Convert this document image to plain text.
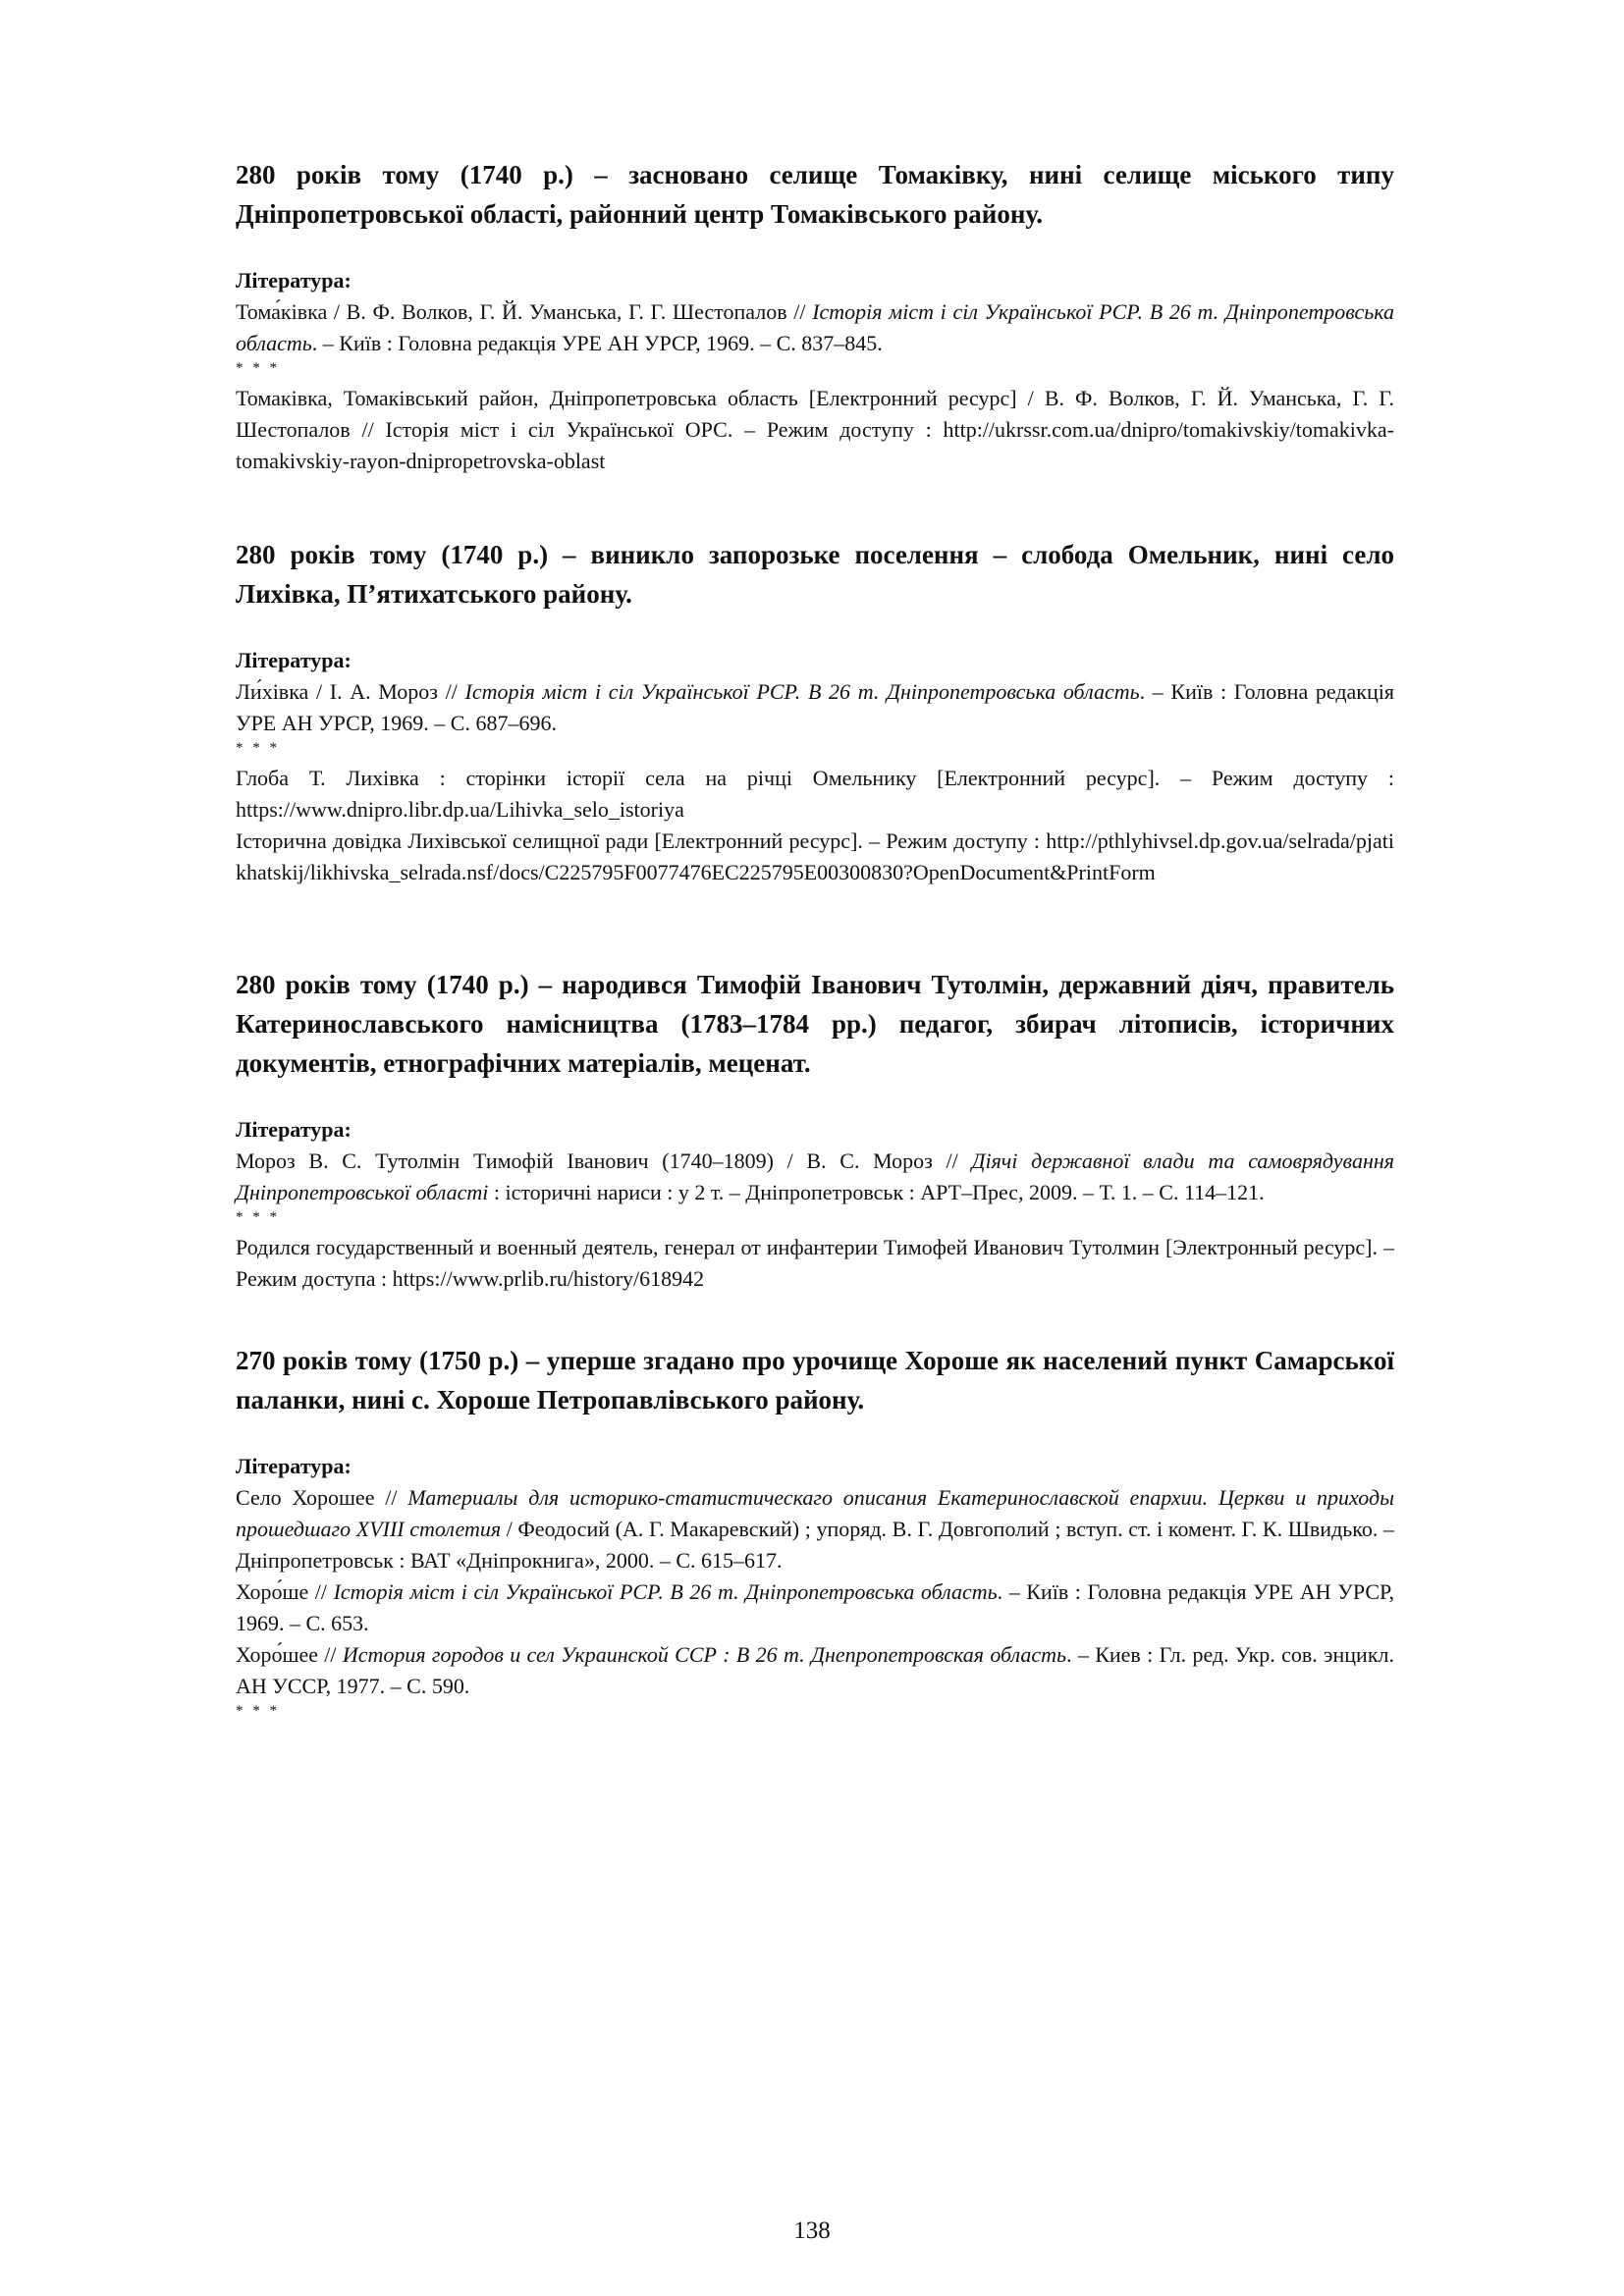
280 років тому (1740 р.) – засновано селище Томаківку, нині селище міського типу Дніпропетровської області, районний центр Томаківського району.

Література:

Тома́ківка / В. Ф. Волков, Г. Й. Уманська, Г. Г. Шестопалов // Історія міст і сіл Української РСР. В 26 т. Дніпропетровська область. – Київ : Головна редакція УРЕ АН УРСР, 1969. – С. 837–845.

* * *

Томаківка, Томаківський район, Дніпропетровська область [Електронний ресурс] / В. Ф. Волков, Г. Й. Уманська, Г. Г. Шестопалов // Історія міст і сіл Української ОРС. – Режим доступу : http://ukrssr.com.ua/dnipro/tomakivskiy/tomakivka-tomakivskiy-rayon-dnipropetrovska-oblast

280 років тому (1740 р.) – виникло запорозьке поселення – слобода Омельник, нині село Лихівка, П’ятихатського району.

Література:

Ли́хівка / І. А. Мороз // Історія міст і сіл Української РСР. В 26 т. Дніпропетровська область. – Київ : Головна редакція УРЕ АН УРСР, 1969. – С. 687–696.

* * *

Глоба Т. Лихівка : сторінки історії села на річці Омельнику [Електронний ресурс]. – Режим доступу : https://www.dnipro.libr.dp.ua/Lihivka_selo_istoriya

Історична довідка Лихівської селищної ради [Електронний ресурс]. – Режим доступу : http://pthlyhivsel.dp.gov.ua/selrada/pjatikhatskij/likhivska_selrada.nsf/docs/C225795F0077476EC225795E00300830?OpenDocument&PrintForm

280 років тому (1740 р.) – народився Тимофій Іванович Тутолмін, державний діяч, правитель Катеринославського намісництва (1783–1784 рр.) педагог, збирач літописів, історичних документів, етнографічних матеріалів, меценат.

Література:

Мороз В. С. Тутолмін Тимофій Іванович (1740–1809) / В. С. Мороз // Діячі державної влади та самоврядування Дніпропетровської області : історичні нариси : у 2 т. – Дніпропетровськ : АРТ–Прес, 2009. – Т. 1. – С. 114–121.

* * *

Родился государственный и военный деятель, генерал от инфантерии Тимофей Иванович Тутолмин [Электронный ресурс]. – Режим доступа : https://www.prlib.ru/history/618942

270 років тому (1750 р.) – уперше згадано про урочище Хороше як населений пункт Самарської паланки, нині с. Хороше Петропавлівського району.

Література:

Село Хорошее // Материалы для историко-статистическаго описания Екатеринославской епархии. Церкви и приходы прошедшаго XVIII столетия / Феодосий (А. Г. Макаревский) ; упоряд. В. Г. Довгополий ; вступ. ст. і комент. Г. К. Швидько. – Дніпропетровськ : ВАТ «Дніпрокнига», 2000. – С. 615–617.

Хоро́ше // Історія міст і сіл Української РСР. В 26 т. Дніпропетровська область. – Київ : Головна редакція УРЕ АН УРСР, 1969. – С. 653.

Хоро́шее // История городов и сел Украинской ССР : В 26 т. Днепропетровская область. – Киев : Гл. ред. Укр. сов. энцикл. АН УССР, 1977. – С. 590.

* * *

138
